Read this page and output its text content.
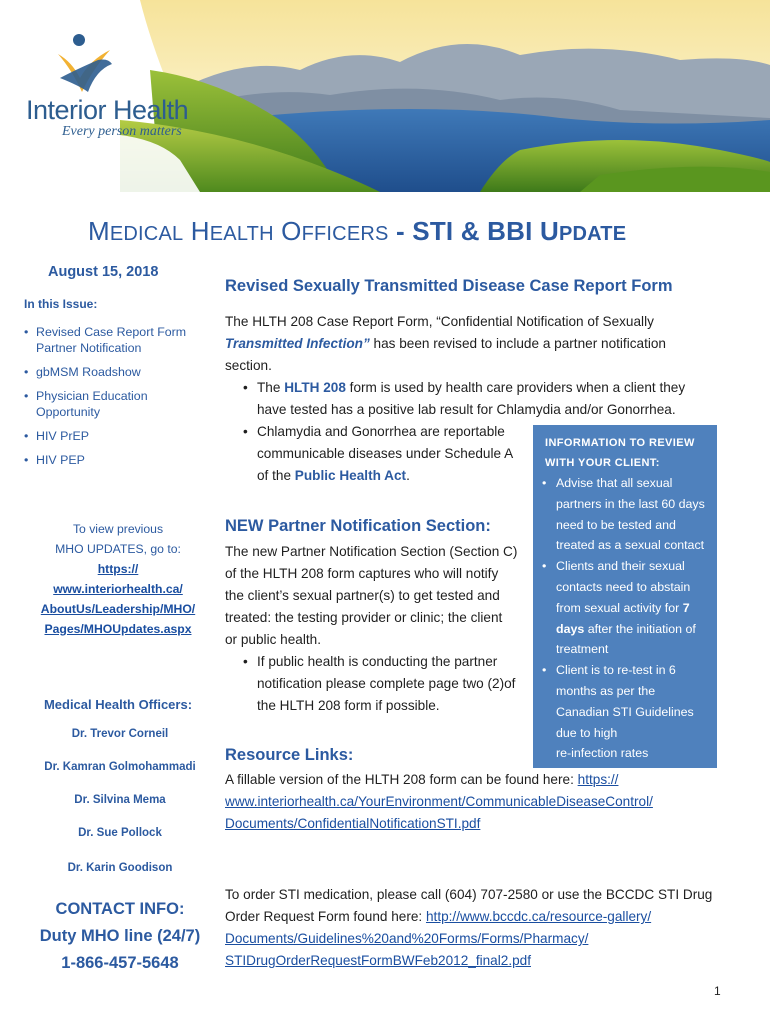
Interior Health
Every person matters
MEDICAL HEALTH OFFICERS - STI & BBI UPDATE
August 15, 2018
In this Issue:
• Revised Case Report Form Partner Notification
• gbMSM Roadshow
• Physician Education Opportunity
• HIV PrEP
• HIV PEP
To view previous
MHO UPDATES, go to:
https://
www.interiorhealth.ca/
AboutUs/Leadership/MHO/
Pages/MHOUpdates.aspx
Medical Health Officers:
Dr. Trevor Corneil
Dr. Kamran Golmohammadi
Dr. Silvina Mema
Dr. Sue Pollock
Dr. Karin Goodison
CONTACT INFO:
Duty MHO line (24/7)
1-866-457-5648
Revised Sexually Transmitted Disease Case Report Form
The HLTH 208 Case Report Form, “Confidential Notification of Sexually
Transmitted Infection” has been revised to include a partner notification
section.
• The HLTH 208 form is used by health care providers when a client they
have tested has a positive lab result for Chlamydia and/or Gonorrhea.
• Chlamydia and Gonorrhea are reportable
communicable diseases under Schedule A
of the Public Health Act.
NEW Partner Notification Section:
The new Partner Notification Section (Section C)
of the HLTH 208 form captures who will notify
the client’s sexual partner(s) to get tested and
treated: the testing provider or clinic; the client
or public health.
• If public health is conducting the partner
notification please complete page two (2)of
the HLTH 208 form if possible.
Resource Links:
A fillable version of the HLTH 208 form can be found here: https://
www.interiorhealth.ca/YourEnvironment/CommunicableDiseaseControl/
Documents/ConfidentialNotificationSTI.pdf
To order STI medication, please call (604) 707-2580 or use the BCCDC STI Drug
Order Request Form found here: http://www.bccdc.ca/resource-gallery/
Documents/Guidelines%20and%20Forms/Forms/Pharmacy/
STIDrugOrderRequestFormBWFeb2012_final2.pdf
INFORMATION TO REVIEW
WITH YOUR CLIENT:
• Advise that all sexual
partners in the last 60 days
need to be tested and
treated as a sexual contact
• Clients and their sexual
contacts need to abstain
from sexual activity for 7
days after the initiation of
treatment
• Client is to re-test in 6
months as per the
Canadian STI Guidelines
due to high
re-infection rates
1
